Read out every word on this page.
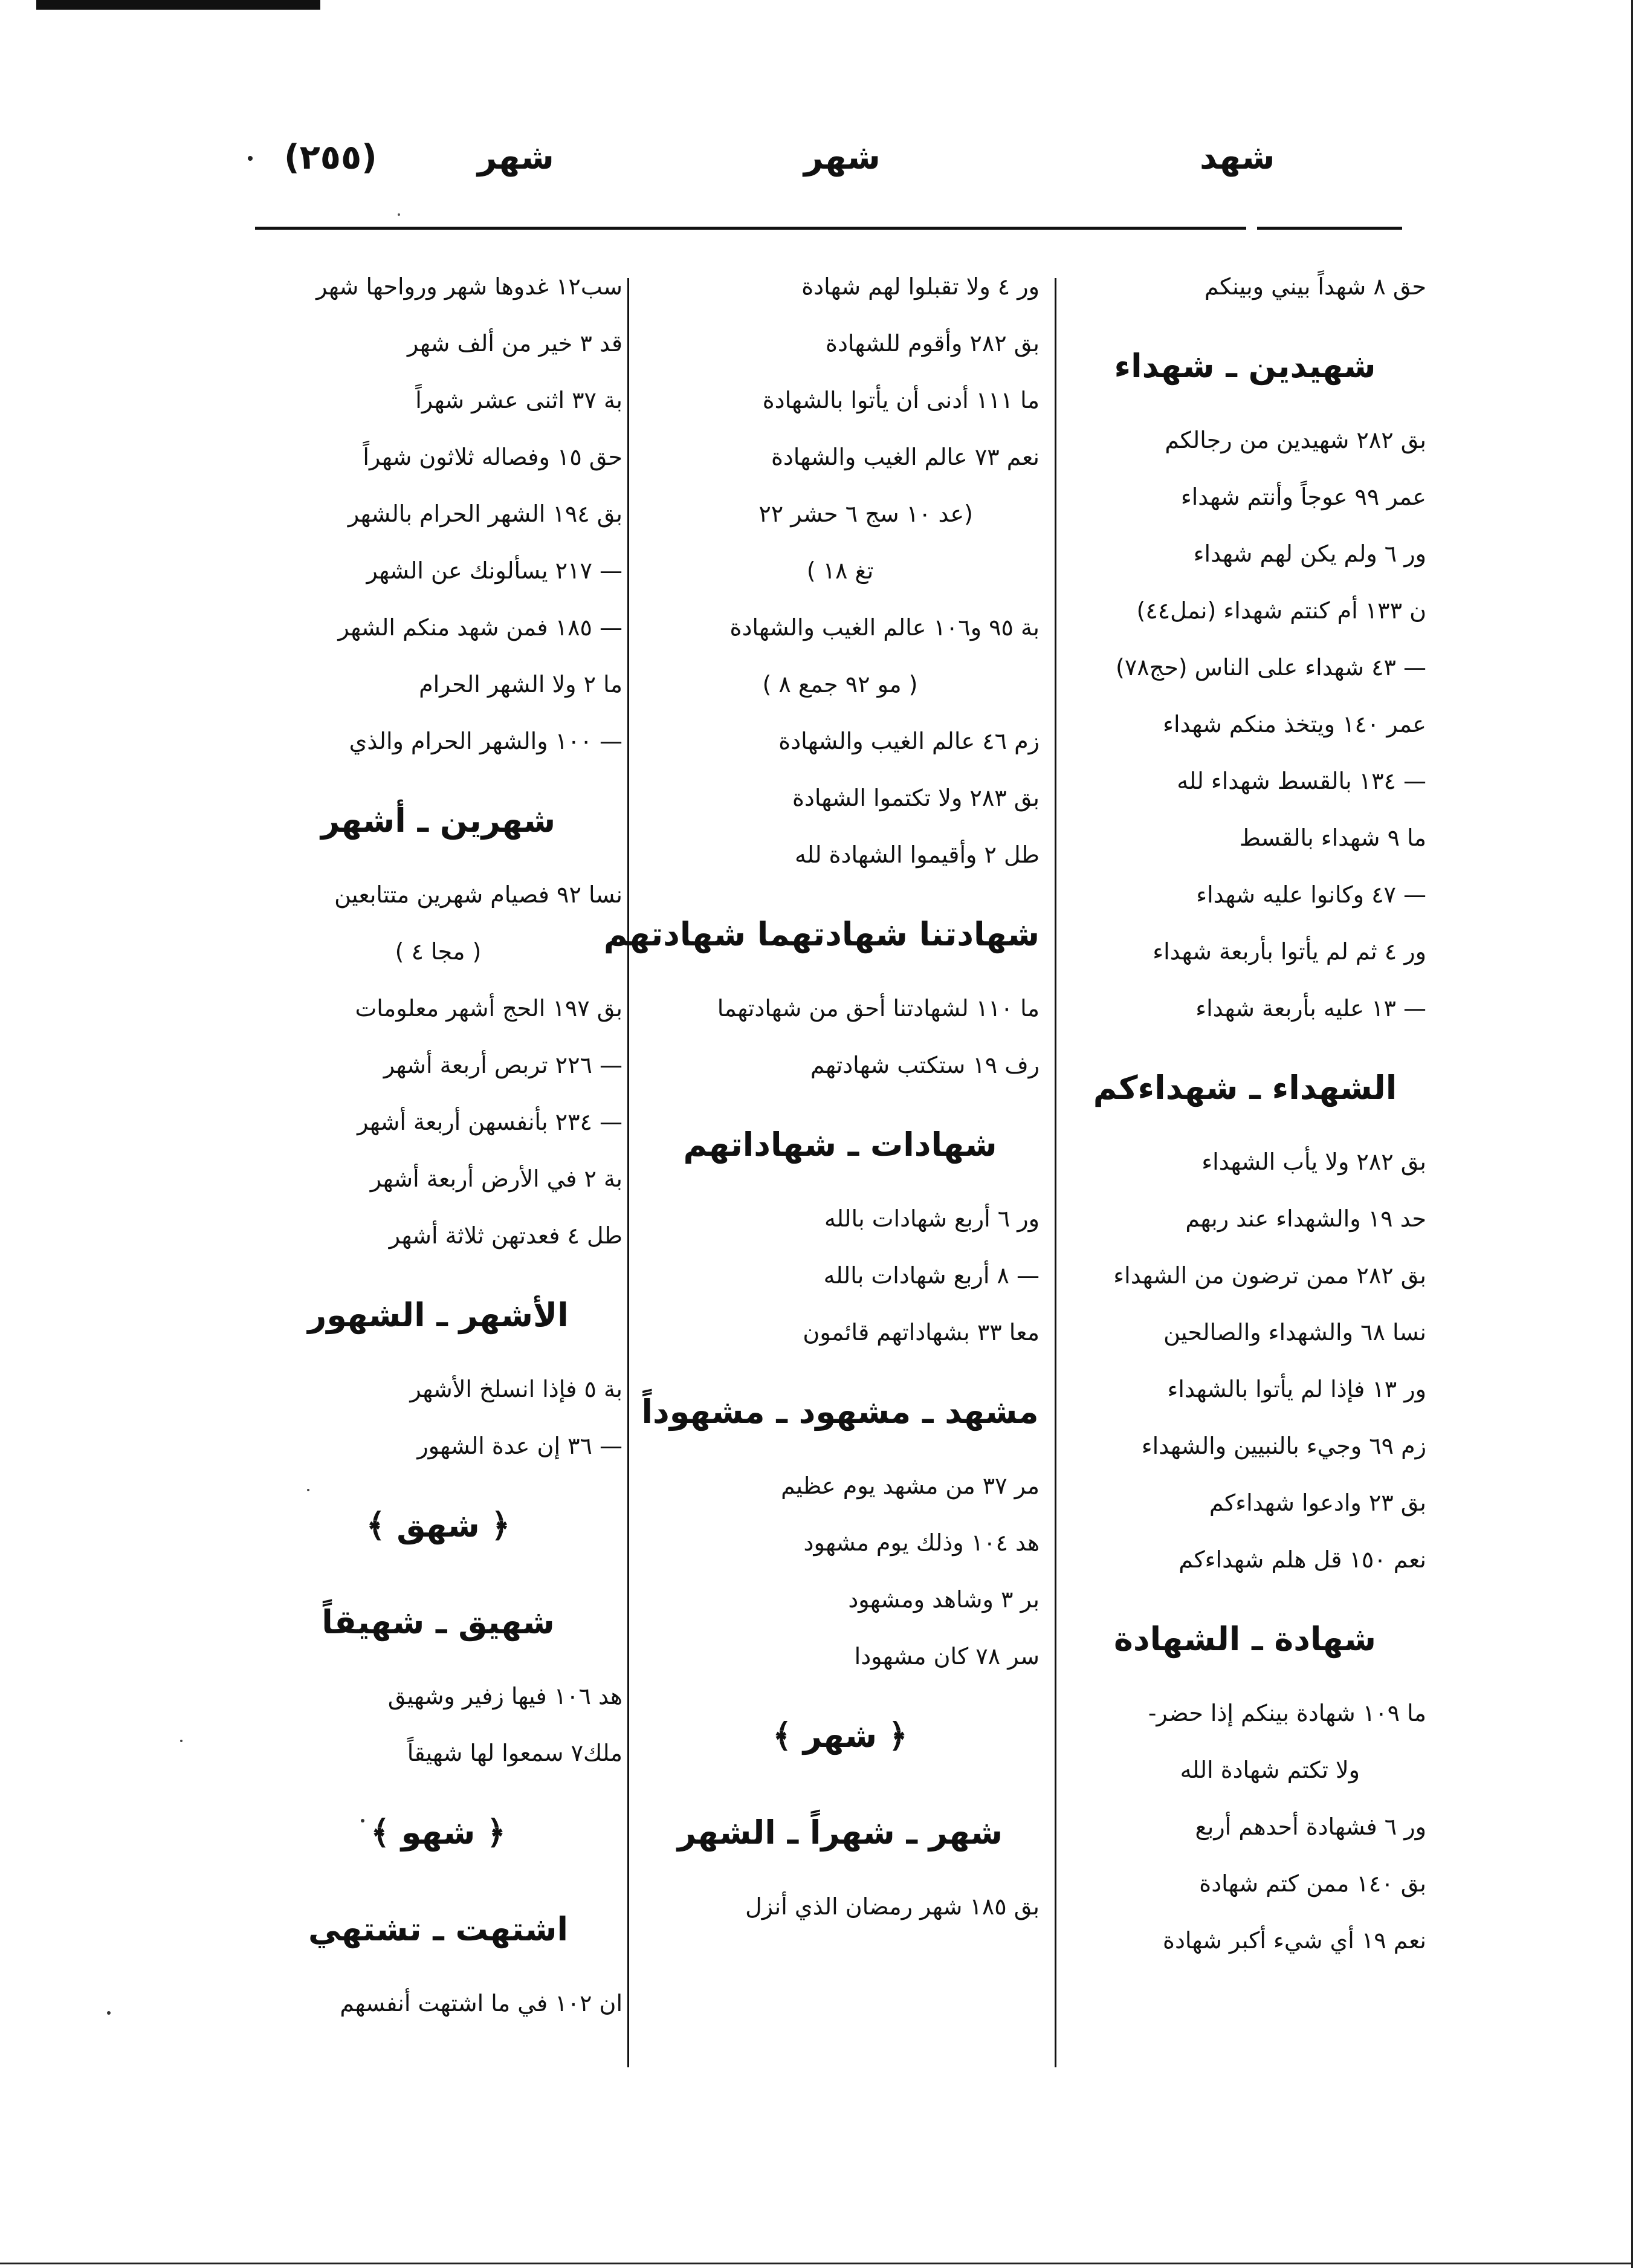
شهد
شهر
شهر
(٢٥٥)
حق ٨ شهداً بيني وبينكم
شهيدين ـ شهداء
بق ٢٨٢ شهيدين من رجالكم
عمر ٩٩ عوجاً وأنتم شهداء
ور ٦ ولم يكن لهم شهداء
ن ١٣٣ أم كنتم شهداء (نمل٤٤)
— ٤٣ شهداء على الناس (حج٧٨)
عمر ١٤٠ ويتخذ منكم شهداء
— ١٣٤ بالقسط شهداء لله
ما ٩ شهداء بالقسط
— ٤٧ وكانوا عليه شهداء
ور ٤ ثم لم يأتوا بأربعة شهداء
— ١٣ عليه بأربعة شهداء
الشهداء ـ شهداءكم
بق ٢٨٢ ولا يأب الشهداء
حد ١٩ والشهداء عند ربهم
بق ٢٨٢ ممن ترضون من الشهداء
نسا ٦٨ والشهداء والصالحين
ور ١٣ فإذا لم يأتوا بالشهداء
زم ٦٩ وجيء بالنبيين والشهداء
بق ٢٣ وادعوا شهداءكم
نعم ١٥٠ قل هلم شهداءكم
شهادة ـ الشهادة
ما ١٠٩ شهادة بينكم إذا حضر-
ولا تكتم شهادة الله
ور ٦ فشهادة أحدهم أربع
بق ١٤٠ ممن كتم شهادة
نعم ١٩ أي شيء أكبر شهادة
ور ٤ ولا تقبلوا لهم شهادة
بق ٢٨٢ وأقوم للشهادة
ما ١١١ أدنى أن يأتوا بالشهادة
نعم ٧٣ عالم الغيب والشهادة
(عد ١٠ سج ٦ حشر ٢٢
تغ ١٨ )
بة ٩٥ و١٠٦ عالم الغيب والشهادة
( مو ٩٢ جمع ٨ )
زم ٤٦ عالم الغيب والشهادة
بق ٢٨٣ ولا تكتموا الشهادة
طل ٢ وأقيموا الشهادة لله
شهادتنا شهادتهما شهادتهم
ما ١١٠ لشهادتنا أحق من شهادتهما
رف ١٩ ستكتب شهادتهم
شهادات ـ شهاداتهم
ور ٦ أربع شهادات بالله
— ٨ أربع شهادات بالله
معا ٣٣ بشهاداتهم قائمون
مشهد ـ مشهود ـ مشهوداً
مر ٣٧ من مشهد يوم عظيم
هد ١٠٤ وذلك يوم مشهود
بر ٣ وشاهد ومشهود
سر ٧٨ كان مشهودا
﴿ شهر ﴾
شهر ـ شهراً ـ الشهر
بق ١٨٥ شهر رمضان الذي أنزل
سب١٢ غدوها شهر ورواحها شهر
قد ٣ خير من ألف شهر
بة ٣٧ اثنى عشر شهراً
حق ١٥ وفصاله ثلاثون شهراً
بق ١٩٤ الشهر الحرام بالشهر
— ٢١٧ يسألونك عن الشهر
— ١٨٥ فمن شهد منكم الشهر
ما ٢ ولا الشهر الحرام
— ١٠٠ والشهر الحرام والذي
شهرين ـ أشهر
نسا ٩٢ فصيام شهرين متتابعين
( مجا ٤ )
بق ١٩٧ الحج أشهر معلومات
— ٢٢٦ تربص أربعة أشهر
— ٢٣٤ بأنفسهن أربعة أشهر
بة ٢ في الأرض أربعة أشهر
طل ٤ فعدتهن ثلاثة أشهر
الأشهر ـ الشهور
بة ٥ فإذا انسلخ الأشهر
— ٣٦ إن عدة الشهور
﴿ شهق ﴾
شهيق ـ شهيقاً
هد ١٠٦ فيها زفير وشهيق
ملك٧ سمعوا لها شهيقاً
﴿ شهو ﴾
اشتهت ـ تشتهي
ان ١٠٢ في ما اشتهت أنفسهم
